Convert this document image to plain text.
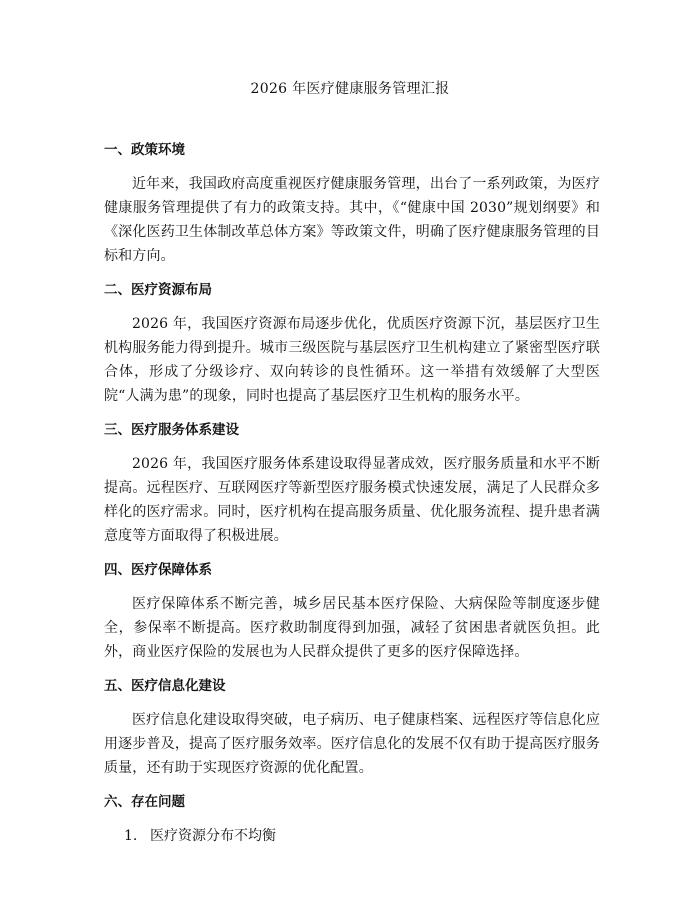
2026 年医疗健康服务管理汇报
一、政策环境

近年来，我国政府高度重视医疗健康服务管理，出台了一系列政策，为医疗健康服务管理提供了有力的政策支持。其中，《“健康中国 2030”规划纲要》和《深化医药卫生体制改革总体方案》等政策文件，明确了医疗健康服务管理的目标和方向。

二、医疗资源布局

2026 年，我国医疗资源布局逐步优化，优质医疗资源下沉，基层医疗卫生机构服务能力得到提升。城市三级医院与基层医疗卫生机构建立了紧密型医疗联合体，形成了分级诊疗、双向转诊的良性循环。这一举措有效缓解了大型医院“人满为患”的现象，同时也提高了基层医疗卫生机构的服务水平。

三、医疗服务体系建设

2026 年，我国医疗服务体系建设取得显著成效，医疗服务质量和水平不断提高。远程医疗、互联网医疗等新型医疗服务模式快速发展，满足了人民群众多样化的医疗需求。同时，医疗机构在提高服务质量、优化服务流程、提升患者满意度等方面取得了积极进展。

四、医疗保障体系

医疗保障体系不断完善，城乡居民基本医疗保险、大病保险等制度逐步健全，参保率不断提高。医疗救助制度得到加强，减轻了贫困患者就医负担。此外，商业医疗保险的发展也为人民群众提供了更多的医疗保障选择。

五、医疗信息化建设

医疗信息化建设取得突破，电子病历、电子健康档案、远程医疗等信息化应用逐步普及，提高了医疗服务效率。医疗信息化的发展不仅有助于提高医疗服务质量，还有助于实现医疗资源的优化配置。

六、存在问题
1. 医疗资源分布不均衡
